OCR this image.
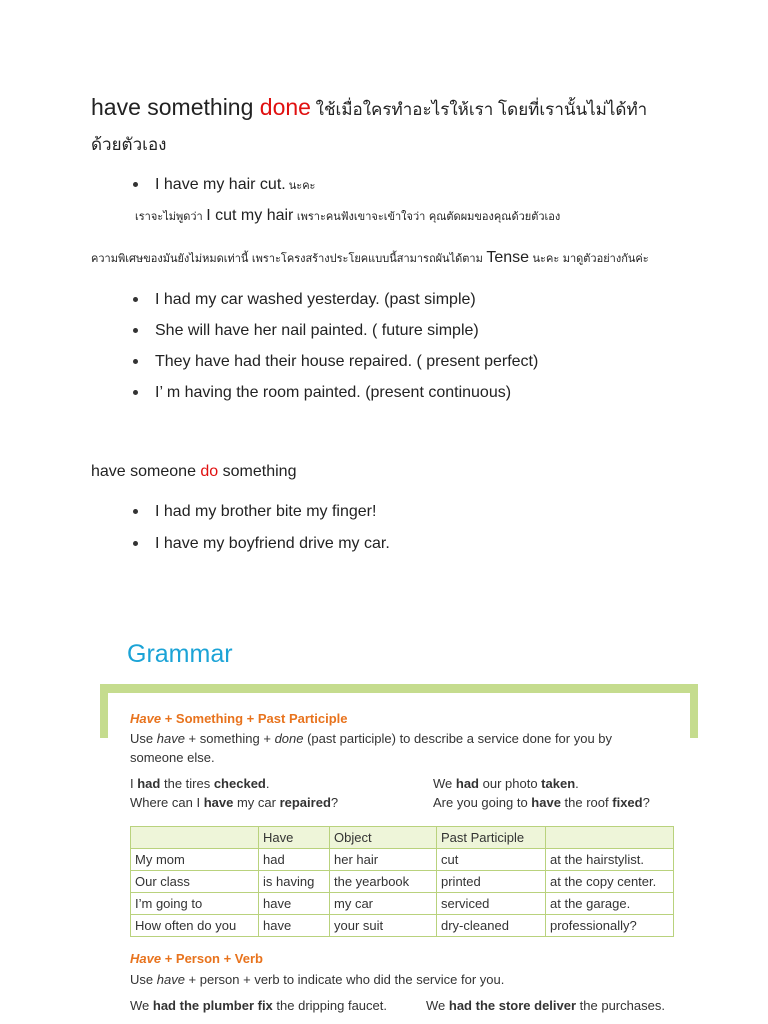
have something done ใช้เมื่อใครทำอะไรให้เรา โดยที่เรานั้นไม่ได้ทำ
ด้วยตัวเอง
I have my hair cut. นะคะ
เราจะไม่พูดว่า I cut my hair เพราะคนฟังเขาจะเข้าใจว่า คุณตัดผมของคุณด้วยตัวเอง
ความพิเศษของมันยังไม่หมดเท่านี้ เพราะโครงสร้างประโยคแบบนี้สามารถผันได้ตาม Tense นะคะ มาดูตัวอย่างกันค่ะ
I had my car washed yesterday. (past simple)
She will have her nail painted. ( future simple)
They have had their house repaired. ( present perfect)
I’ m having the room painted. (present continuous)
have someone do something
I had my brother bite my finger!
I have my boyfriend drive my car.
Grammar
Have + Something + Past Participle
Use have + something + done (past participle) to describe a service done for you by
someone else.
I had the tires checked.
Where can I have my car repaired?
We had our photo taken.
Are you going to have the roof fixed?
	Have	Object	Past Participle	
My mom	had	her hair	cut	at the hairstylist.
Our class	is having	the yearbook	printed	at the copy center.
I’m going to	have	my car	serviced	at the garage.
How often do you	have	your suit	dry-cleaned	professionally?
Have + Person + Verb
Use have + person + verb to indicate who did the service for you.
We had the plumber fix the dripping faucet.	We had the store deliver the purchases.
